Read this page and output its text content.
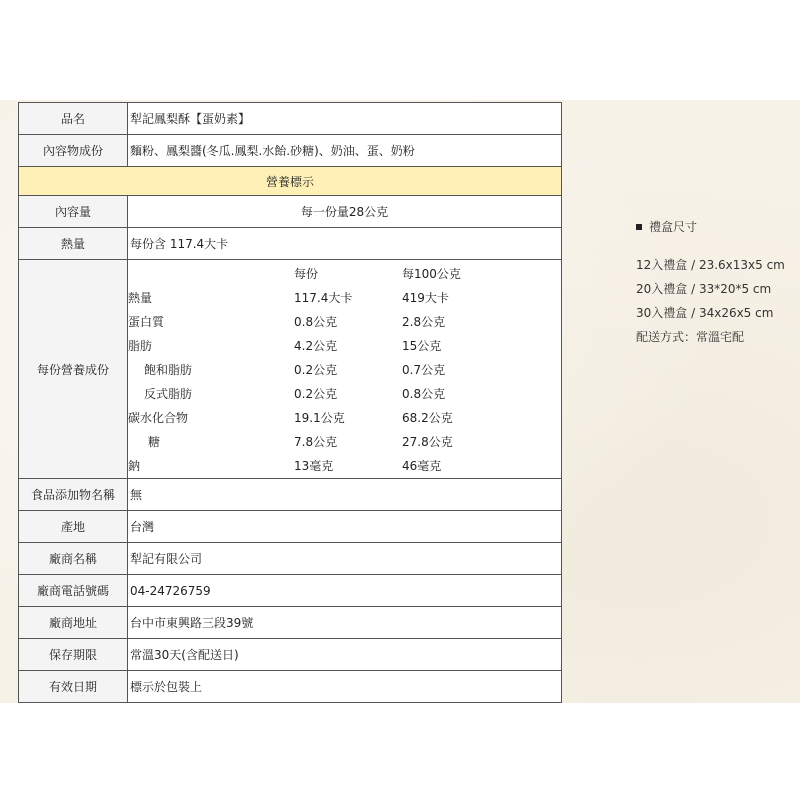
品名	犁記鳳梨酥【蛋奶素】
內容物成份	麵粉、鳳梨醬(冬瓜.鳳梨.水飴.砂糖)、奶油、蛋、奶粉
營養標示
內容量	每一份量28公克
熱量	每份含 117.4大卡
每份營養成份	
	每份	每100公克
熱量	117.4大卡	419大卡
蛋白質	0.8公克	2.8公克
脂肪	4.2公克	15公克
飽和脂肪	0.2公克	0.7公克
反式脂肪	0.2公克	0.8公克
碳水化合物	19.1公克	68.2公克
糖	7.8公克	27.8公克
鈉	13毫克	46毫克

食品添加物名稱	無
產地	台灣
廠商名稱	犁記有限公司
廠商電話號碼	04-24726759
廠商地址	台中市東興路三段39號
保存期限	常溫30天(含配送日)
有效日期	標示於包裝上
禮盒尺寸
12入禮盒 / 23.6x13x5 cm
20入禮盒 / 33*20*5 cm
30入禮盒 / 34x26x5 cm
配送方式：常溫宅配
